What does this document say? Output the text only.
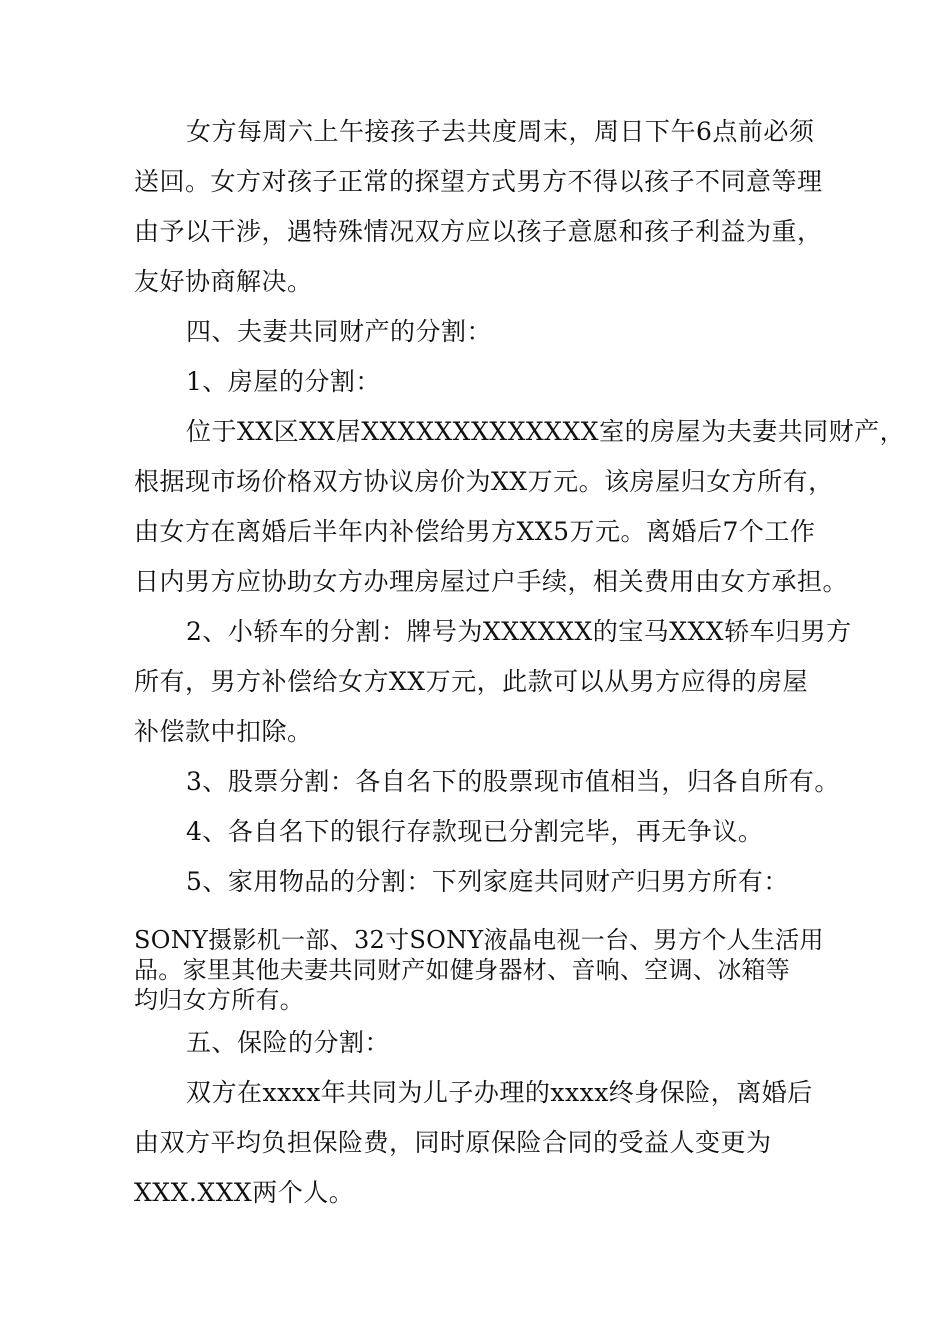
女方每周六上午接孩子去共度周末，周日下午6点前必须
送回。女方对孩子正常的探望方式男方不得以孩子不同意等理
由予以干涉，遇特殊情况双方应以孩子意愿和孩子利益为重，
友好协商解决。
四、夫妻共同财产的分割：
1、房屋的分割：
位于XX区XX居XXXXXXXXXXXXX室的房屋为夫妻共同财产，
根据现市场价格双方协议房价为XX万元。该房屋归女方所有，
由女方在离婚后半年内补偿给男方XX5万元。离婚后7个工作
日内男方应协助女方办理房屋过户手续，相关费用由女方承担。
2、小轿车的分割：牌号为XXXXXX的宝马XXX轿车归男方
所有，男方补偿给女方XX万元，此款可以从男方应得的房屋
补偿款中扣除。
3、股票分割：各自名下的股票现市值相当，归各自所有。
4、各自名下的银行存款现已分割完毕，再无争议。
5、家用物品的分割：下列家庭共同财产归男方所有：
SONY摄影机一部、32寸SONY液晶电视一台、男方个人生活用
品。家里其他夫妻共同财产如健身器材、音响、空调、冰箱等
均归女方所有。
五、保险的分割：
双方在xxxx年共同为儿子办理的xxxx终身保险，离婚后
由双方平均负担保险费，同时原保险合同的受益人变更为
XXX.XXX两个人。
